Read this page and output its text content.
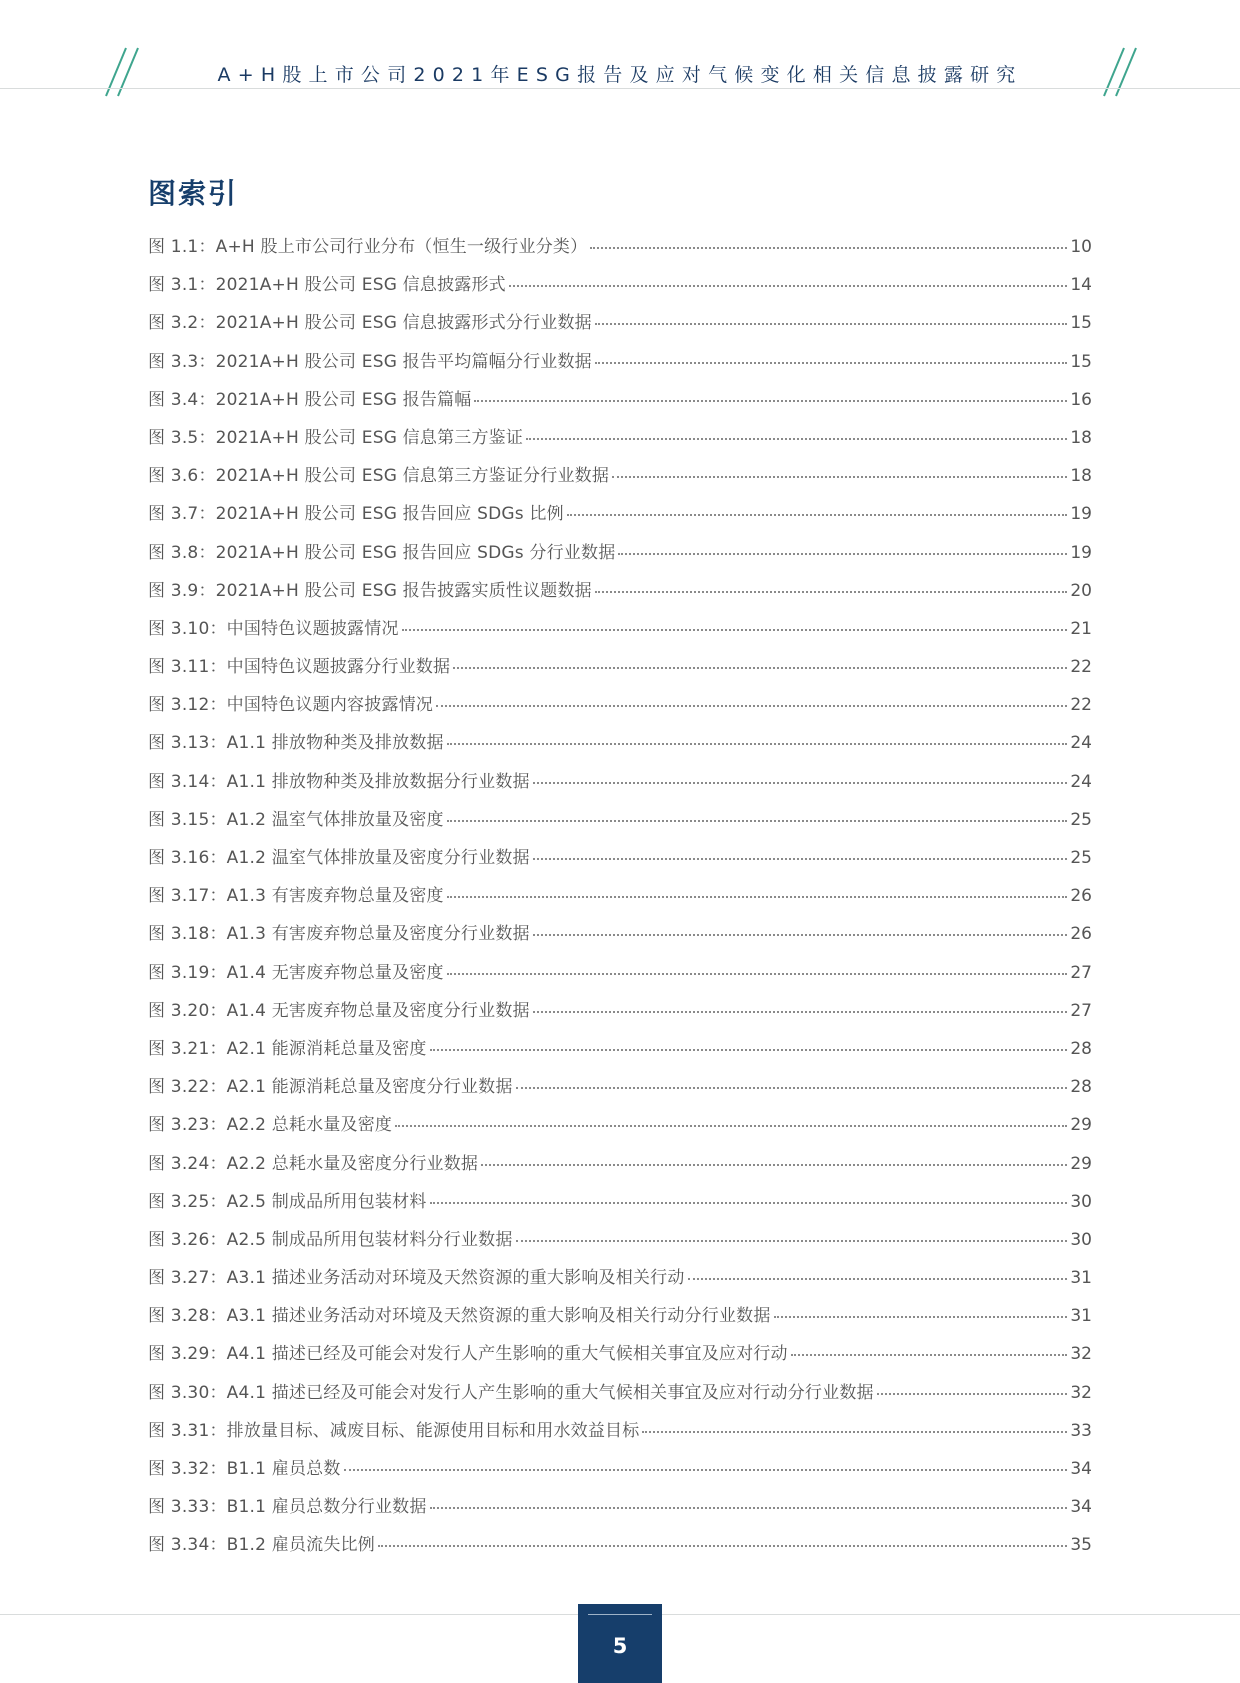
A+H股上市公司2021年ESG报告及应对气候变化相关信息披露研究
图索引
图 1.1：A+H 股上市公司行业分布（恒生一级行业分类）	10
图 3.1：2021A+H 股公司 ESG 信息披露形式	14
图 3.2：2021A+H 股公司 ESG 信息披露形式分行业数据	15
图 3.3：2021A+H 股公司 ESG 报告平均篇幅分行业数据	15
图 3.4：2021A+H 股公司 ESG 报告篇幅	16
图 3.5：2021A+H 股公司 ESG 信息第三方鉴证	18
图 3.6：2021A+H 股公司 ESG 信息第三方鉴证分行业数据	18
图 3.7：2021A+H 股公司 ESG 报告回应 SDGs 比例	19
图 3.8：2021A+H 股公司 ESG 报告回应 SDGs 分行业数据	19
图 3.9：2021A+H 股公司 ESG 报告披露实质性议题数据	20
图 3.10：中国特色议题披露情况	21
图 3.11：中国特色议题披露分行业数据	22
图 3.12：中国特色议题内容披露情况	22
图 3.13：A1.1 排放物种类及排放数据	24
图 3.14：A1.1 排放物种类及排放数据分行业数据	24
图 3.15：A1.2 温室气体排放量及密度	25
图 3.16：A1.2 温室气体排放量及密度分行业数据	25
图 3.17：A1.3 有害废弃物总量及密度	26
图 3.18：A1.3 有害废弃物总量及密度分行业数据	26
图 3.19：A1.4 无害废弃物总量及密度	27
图 3.20：A1.4 无害废弃物总量及密度分行业数据	27
图 3.21：A2.1 能源消耗总量及密度	28
图 3.22：A2.1 能源消耗总量及密度分行业数据	28
图 3.23：A2.2 总耗水量及密度	29
图 3.24：A2.2 总耗水量及密度分行业数据	29
图 3.25：A2.5 制成品所用包装材料	30
图 3.26：A2.5 制成品所用包装材料分行业数据	30
图 3.27：A3.1 描述业务活动对环境及天然资源的重大影响及相关行动	31
图 3.28：A3.1 描述业务活动对环境及天然资源的重大影响及相关行动分行业数据	31
图 3.29：A4.1 描述已经及可能会对发行人产生影响的重大气候相关事宜及应对行动	32
图 3.30：A4.1 描述已经及可能会对发行人产生影响的重大气候相关事宜及应对行动分行业数据	32
图 3.31：排放量目标、减废目标、能源使用目标和用水效益目标	33
图 3.32：B1.1 雇员总数	34
图 3.33：B1.1 雇员总数分行业数据	34
图 3.34：B1.2 雇员流失比例	35
5
